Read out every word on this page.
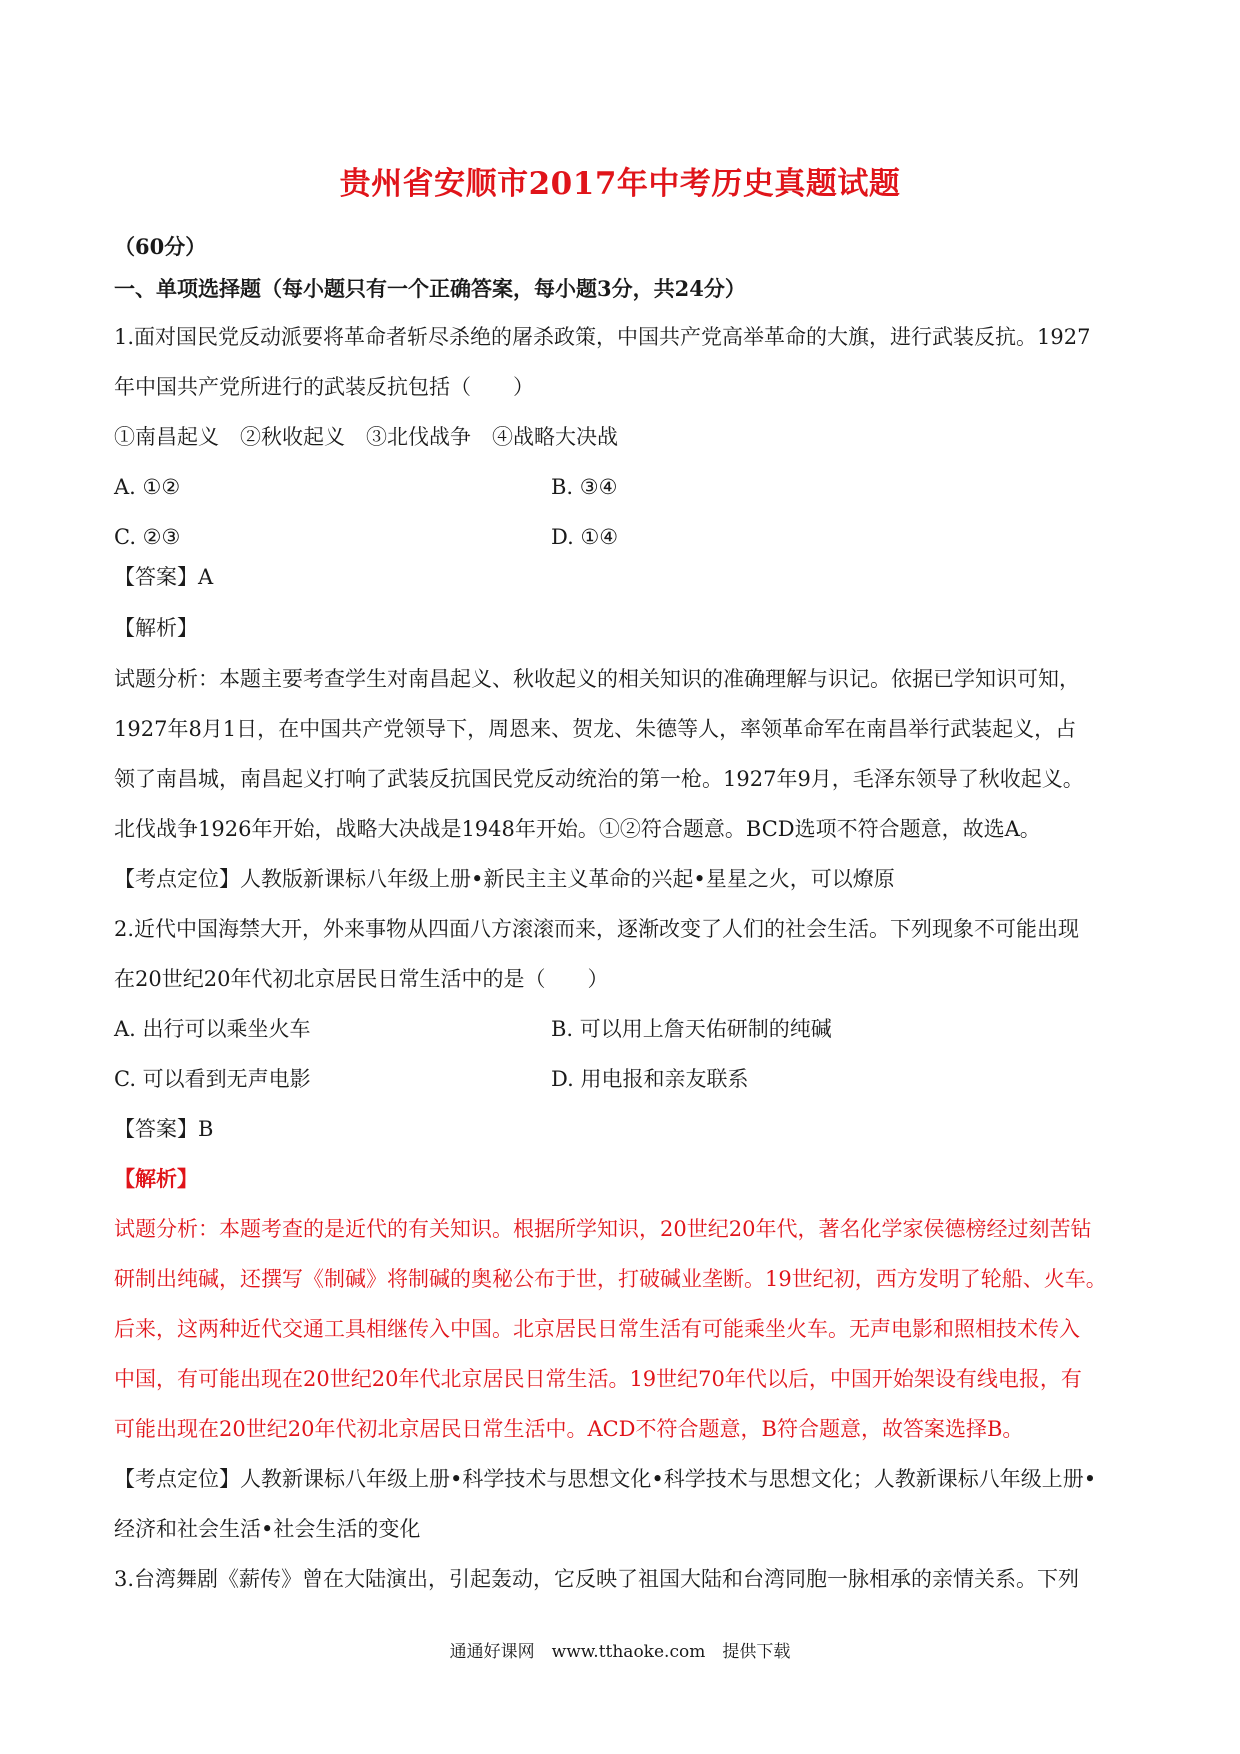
贵州省安顺市2017年中考历史真题试题
（60分）
一、单项选择题（每小题只有一个正确答案，每小题3分，共24分）
1.面对国民党反动派要将革命者斩尽杀绝的屠杀政策，中国共产党高举革命的大旗，进行武装反抗。1927
年中国共产党所进行的武装反抗包括（　　）
①南昌起义　②秋收起义　③北伐战争　④战略大决战
A. ①②	B. ③④
C. ②③	D. ①④
【答案】A
【解析】
试题分析：本题主要考查学生对南昌起义、秋收起义的相关知识的准确理解与识记。依据已学知识可知，
1927年8月1日，在中国共产党领导下，周恩来、贺龙、朱德等人，率领革命军在南昌举行武装起义，占
领了南昌城，南昌起义打响了武装反抗国民党反动统治的第一枪。1927年9月，毛泽东领导了秋收起义。
北伐战争1926年开始，战略大决战是1948年开始。①②符合题意。BCD选项不符合题意，故选A。
【考点定位】人教版新课标八年级上册•新民主主义革命的兴起•星星之火，可以燎原
2.近代中国海禁大开，外来事物从四面八方滚滚而来，逐渐改变了人们的社会生活。下列现象不可能出现
在20世纪20年代初北京居民日常生活中的是（　　）
A. 出行可以乘坐火车	B. 可以用上詹天佑研制的纯碱
C. 可以看到无声电影	D. 用电报和亲友联系
【答案】B
【解析】
试题分析：本题考查的是近代的有关知识。根据所学知识，20世纪20年代，著名化学家侯德榜经过刻苦钻
研制出纯碱，还撰写《制碱》将制碱的奥秘公布于世，打破碱业垄断。19世纪初，西方发明了轮船、火车。
后来，这两种近代交通工具相继传入中国。北京居民日常生活有可能乘坐火车。无声电影和照相技术传入
中国，有可能出现在20世纪20年代北京居民日常生活。19世纪70年代以后，中国开始架设有线电报，有
可能出现在20世纪20年代初北京居民日常生活中。ACD不符合题意，B符合题意，故答案选择B。
【考点定位】人教新课标八年级上册•科学技术与思想文化•科学技术与思想文化；人教新课标八年级上册•
经济和社会生活•社会生活的变化
3.台湾舞剧《薪传》曾在大陆演出，引起轰动，它反映了祖国大陆和台湾同胞一脉相承的亲情关系。下列
通通好课网　www.tthaoke.com　提供下载
